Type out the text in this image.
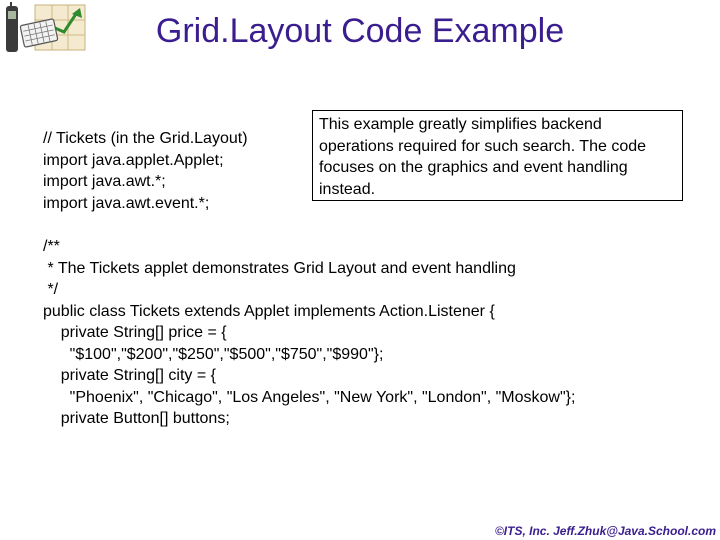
Grid.Layout Code Example
// Tickets (in the Grid.Layout)
import java.applet.Applet;
import java.awt.*;
import java.awt.event.*;
This example greatly simplifies backend operations required for such search. The code focuses on the graphics and event handling instead.
/**
* The Tickets applet demonstrates Grid Layout and event handling
*/
public class Tickets extends Applet implements Action.Listener {
private String[] price = {
"$100","$200","$250","$500","$750","$990"};
private String[] city = {
"Phoenix", "Chicago", "Los Angeles", "New York", "London", "Moskow"};
private Button[] buttons;
©ITS, Inc. Jeff.Zhuk@Java.School.com
